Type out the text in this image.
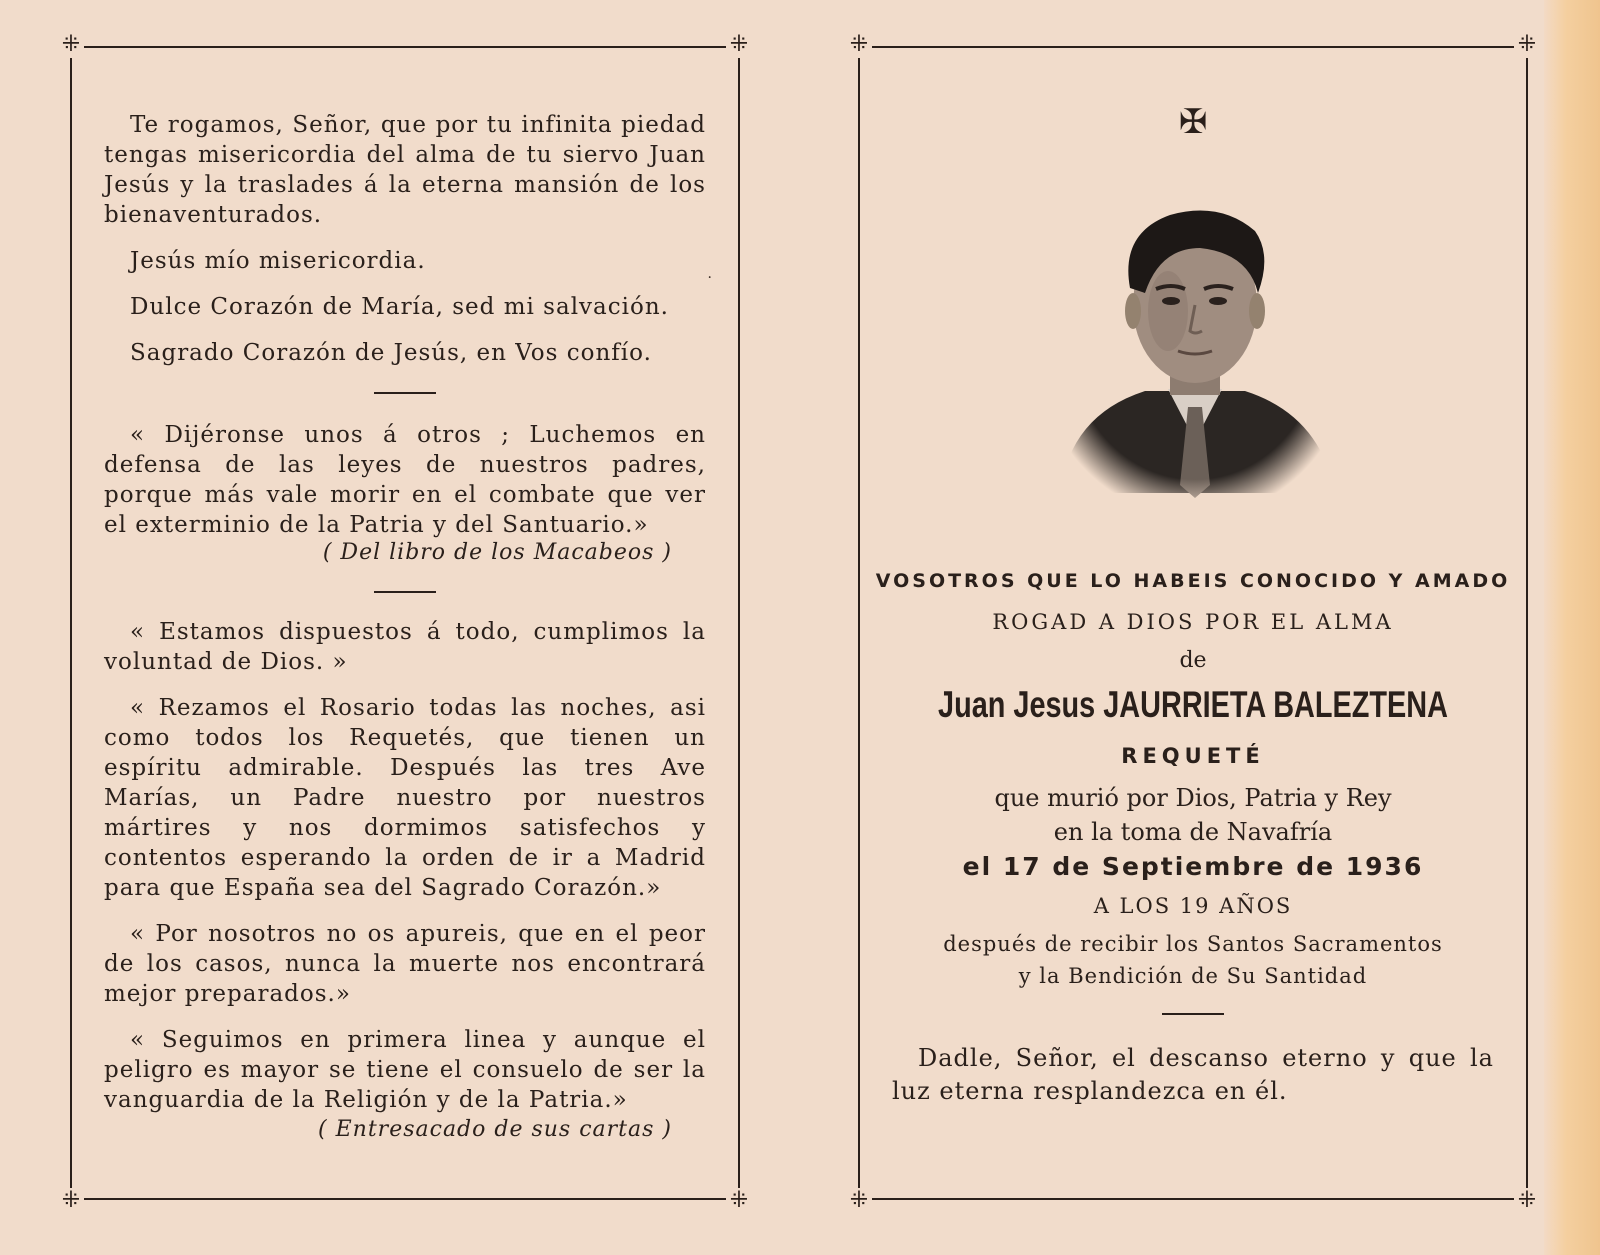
⁜	⁜
⁜	⁜

Te rogamos, Señor, que por tu infinita piedad tengas misericordia del alma de tu siervo Juan Jesús y la traslades á la eterna mansión de los bienaventurados.

Jesús mío misericordia.

Dulce Corazón de María, sed mi salvación.

Sagrado Corazón de Jesús, en Vos confío.

« Dijéronse unos á otros ; Luchemos en defensa de las leyes de nuestros padres, porque más vale morir en el combate que ver el exterminio de la Patria y del Santuario.»

( Del libro de los Macabeos )

« Estamos dispuestos á todo, cumplimos la voluntad de Dios. »

« Rezamos el Rosario todas las noches, asi como todos los Requetés, que tienen un espíritu admirable. Después las tres Ave Marías, un Padre nuestro por nuestros mártires y nos dormimos satisfechos y contentos esperando la orden de ir a Madrid para que España sea del Sagrado Corazón.»

« Por nosotros no os apureis, que en el peor de los casos, nunca la muerte nos encontrará mejor preparados.»

« Seguimos en primera linea y aunque el peligro es mayor se tiene el consuelo de ser la vanguardia de la Religión y de la Patria.»

( Entresacado de sus cartas )
·
⁜	⁜
⁜	⁜
✠
VOSOTROS QUE LO HABEIS CONOCIDO Y AMADO
ROGAD A DIOS POR EL ALMA
de
Juan Jesus JAURRIETA BALEZTENA
REQUETÉ
que murió por Dios, Patria y Rey
en la toma de Navafría
el 17 de Septiembre de 1936
A LOS 19 AÑOS
después de recibir los Santos Sacramentos
y la Bendición de Su Santidad

Dadle, Señor, el descanso eterno y que la luz eterna resplandezca en él.
